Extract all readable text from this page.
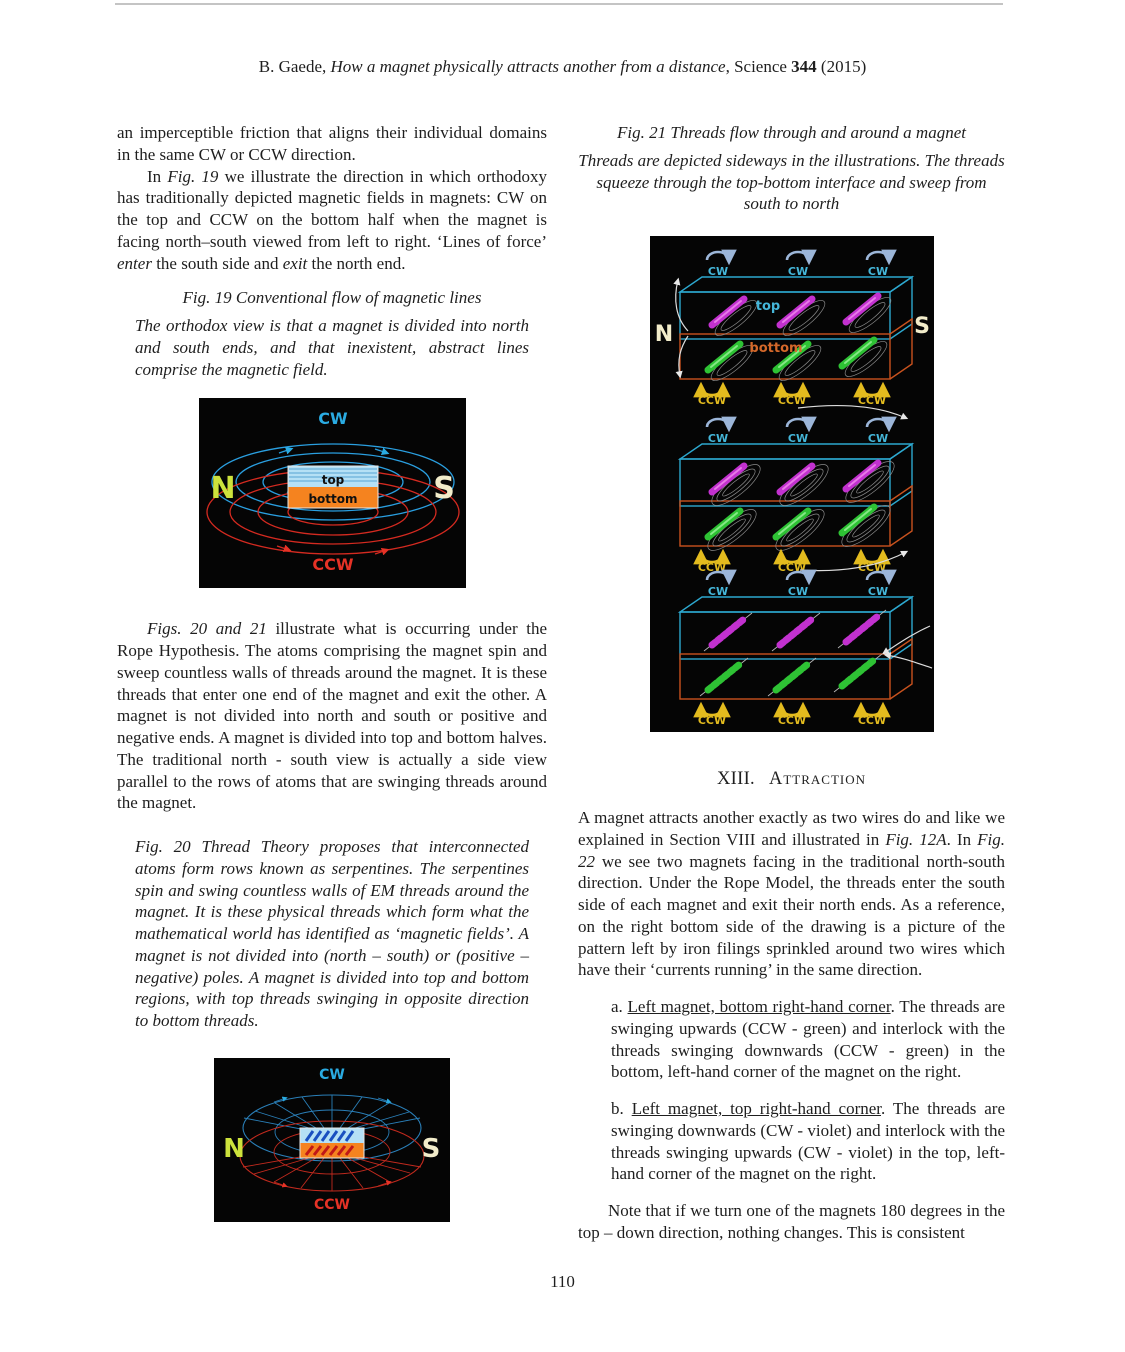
B. Gaede, How a magnet physically attracts another from a distance, Science 344 (2015)

an imperceptible friction that aligns their individual domains in the same CW or CCW direction.

In Fig. 19 we illustrate the direction in which orthodoxy has traditionally depicted magnetic fields in magnets: CW on the top and CCW on the bottom half when the magnet is facing north–south viewed from left to right. ‘Lines of force’ enter the south side and exit the north end.

Fig. 19 Conventional flow of magnetic lines

The orthodox view is that a magnet is divided into north and south ends, and that inexistent, abstract lines comprise the magnetic field.

top
bottom
CW
CCW
N	S

Figs. 20 and 21 illustrate what is occurring under the Rope Hypothesis. The atoms comprising the magnet spin and sweep countless walls of threads around the magnet. It is these threads that enter one end of the magnet and exit the other. A magnet is not divided into north and south or positive and negative ends. A magnet is divided into top and bottom halves. The traditional north - south view is actually a side view parallel to the rows of atoms that are swinging threads around the magnet.

Fig. 20 Thread Theory proposes that interconnected atoms form rows known as serpentines. The serpentines spin and swing countless walls of EM threads around the magnet. It is these physical threads which form what the mathematical world has identified as ‘magnetic fields’. A magnet is not divided into (north – south) or (positive – negative) poles. A magnet is divided into top and bottom regions, with top threads swinging in opposite direction to bottom threads.

CW
CCW
N	S

Fig. 21 Threads flow through and around a magnet

Threads are depicted sideways in the illustrations. The threads squeeze through the top-bottom interface and sweep from south to north

CW	CW	CW
top
bottom
N	S
CCW	CCW	CCW
CW	CW	CW
CCW	CCW	CCW
CW	CW	CW
CCW	CCW	CCW
XIII. Attraction

A magnet attracts another exactly as two wires do and like we explained in Section VIII and illustrated in Fig. 12A. In Fig. 22 we see two magnets facing in the traditional north-south direction. Under the Rope Model, the threads enter the south side of each magnet and exit their north ends. As a reference, on the right bottom side of the drawing is a picture of the pattern left by iron filings sprinkled around two wires which have their ‘currents running’ in the same direction.

a. Left magnet, bottom right-hand corner. The threads are swinging upwards (CCW - green) and interlock with the threads swinging downwards (CCW - green) in the bottom, left-hand corner of the magnet on the right.

b. Left magnet, top right-hand corner. The threads are swinging downwards (CW - violet) and interlock with the threads swinging upwards (CW - violet) in the top, left-hand corner of the magnet on the right.

Note that if we turn one of the magnets 180 degrees in the top – down direction, nothing changes. This is consistent

110
